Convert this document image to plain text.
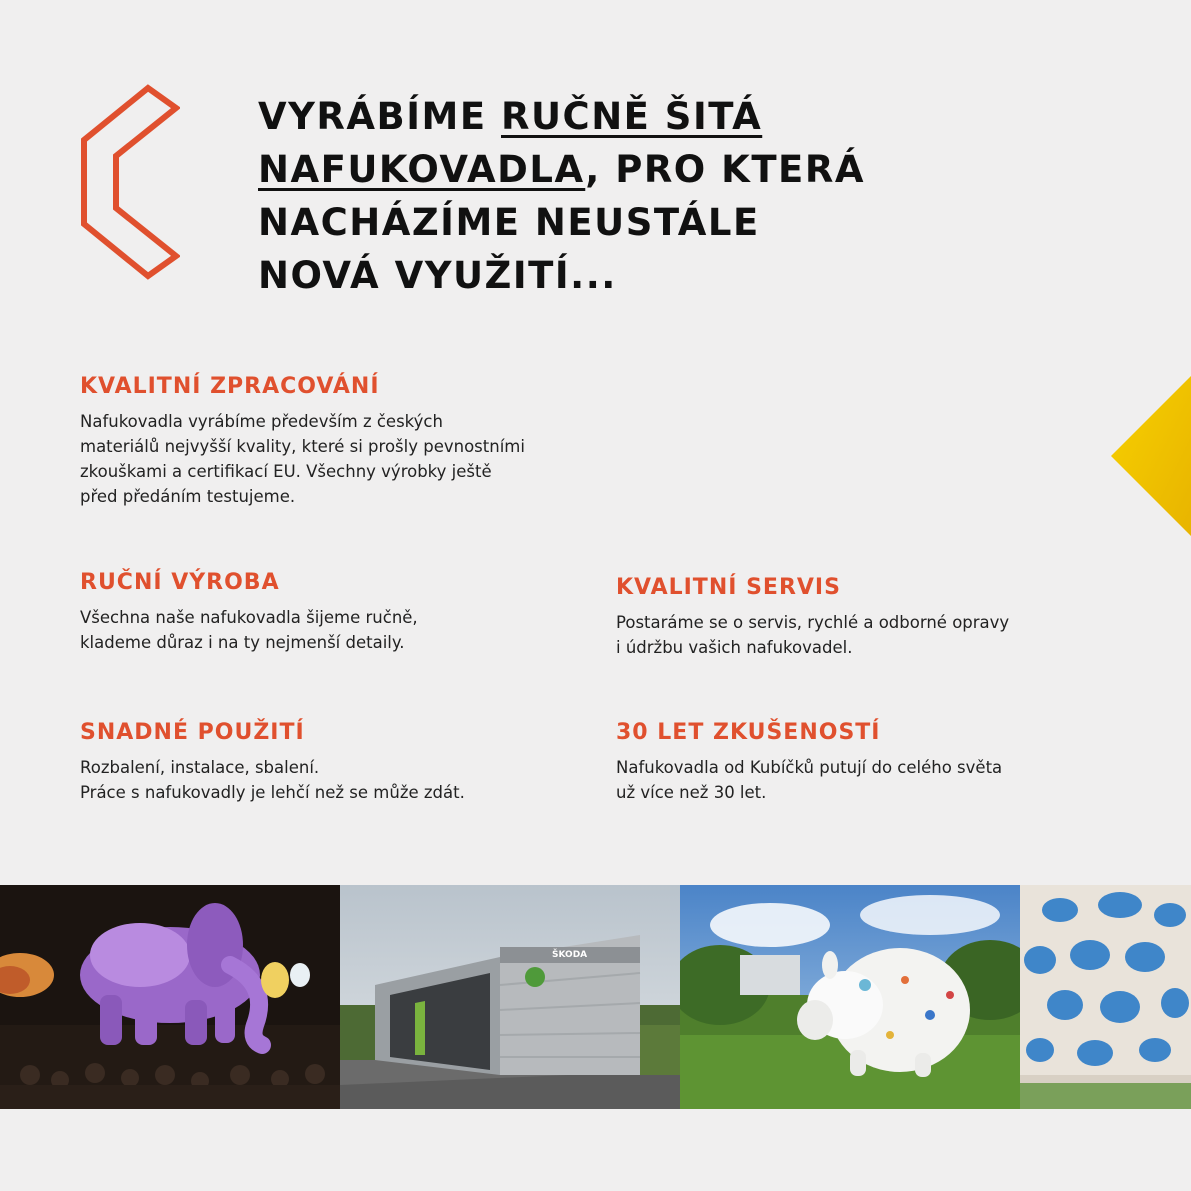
VYRÁBÍME RUČNĚ ŠITÁ
NAFUKOVADLA, PRO KTERÁ
NACHÁZÍME NEUSTÁLE
NOVÁ VYUŽITÍ...
KVALITNÍ ZPRACOVÁNÍ

Nafukovadla vyrábíme především z českých
materiálů nejvyšší kvality, které si prošly pevnostními
zkouškami a certifikací EU. Všechny výrobky ještě
před předáním testujeme.

RUČNÍ VÝROBA

Všechna naše nafukovadla šijeme ručně,
klademe důraz i na ty nejmenší detaily.

KVALITNÍ SERVIS

Postaráme se o servis, rychlé a odborné opravy
i údržbu vašich nafukovadel.

SNADNÉ POUŽITÍ

Rozbalení, instalace, sbalení.
Práce s nafukovadly je lehčí než se může zdát.

30 LET ZKUŠENOSTÍ

Nafukovadla od Kubíčků putují do celého světa
už více než 30 let.

ŠKODA
